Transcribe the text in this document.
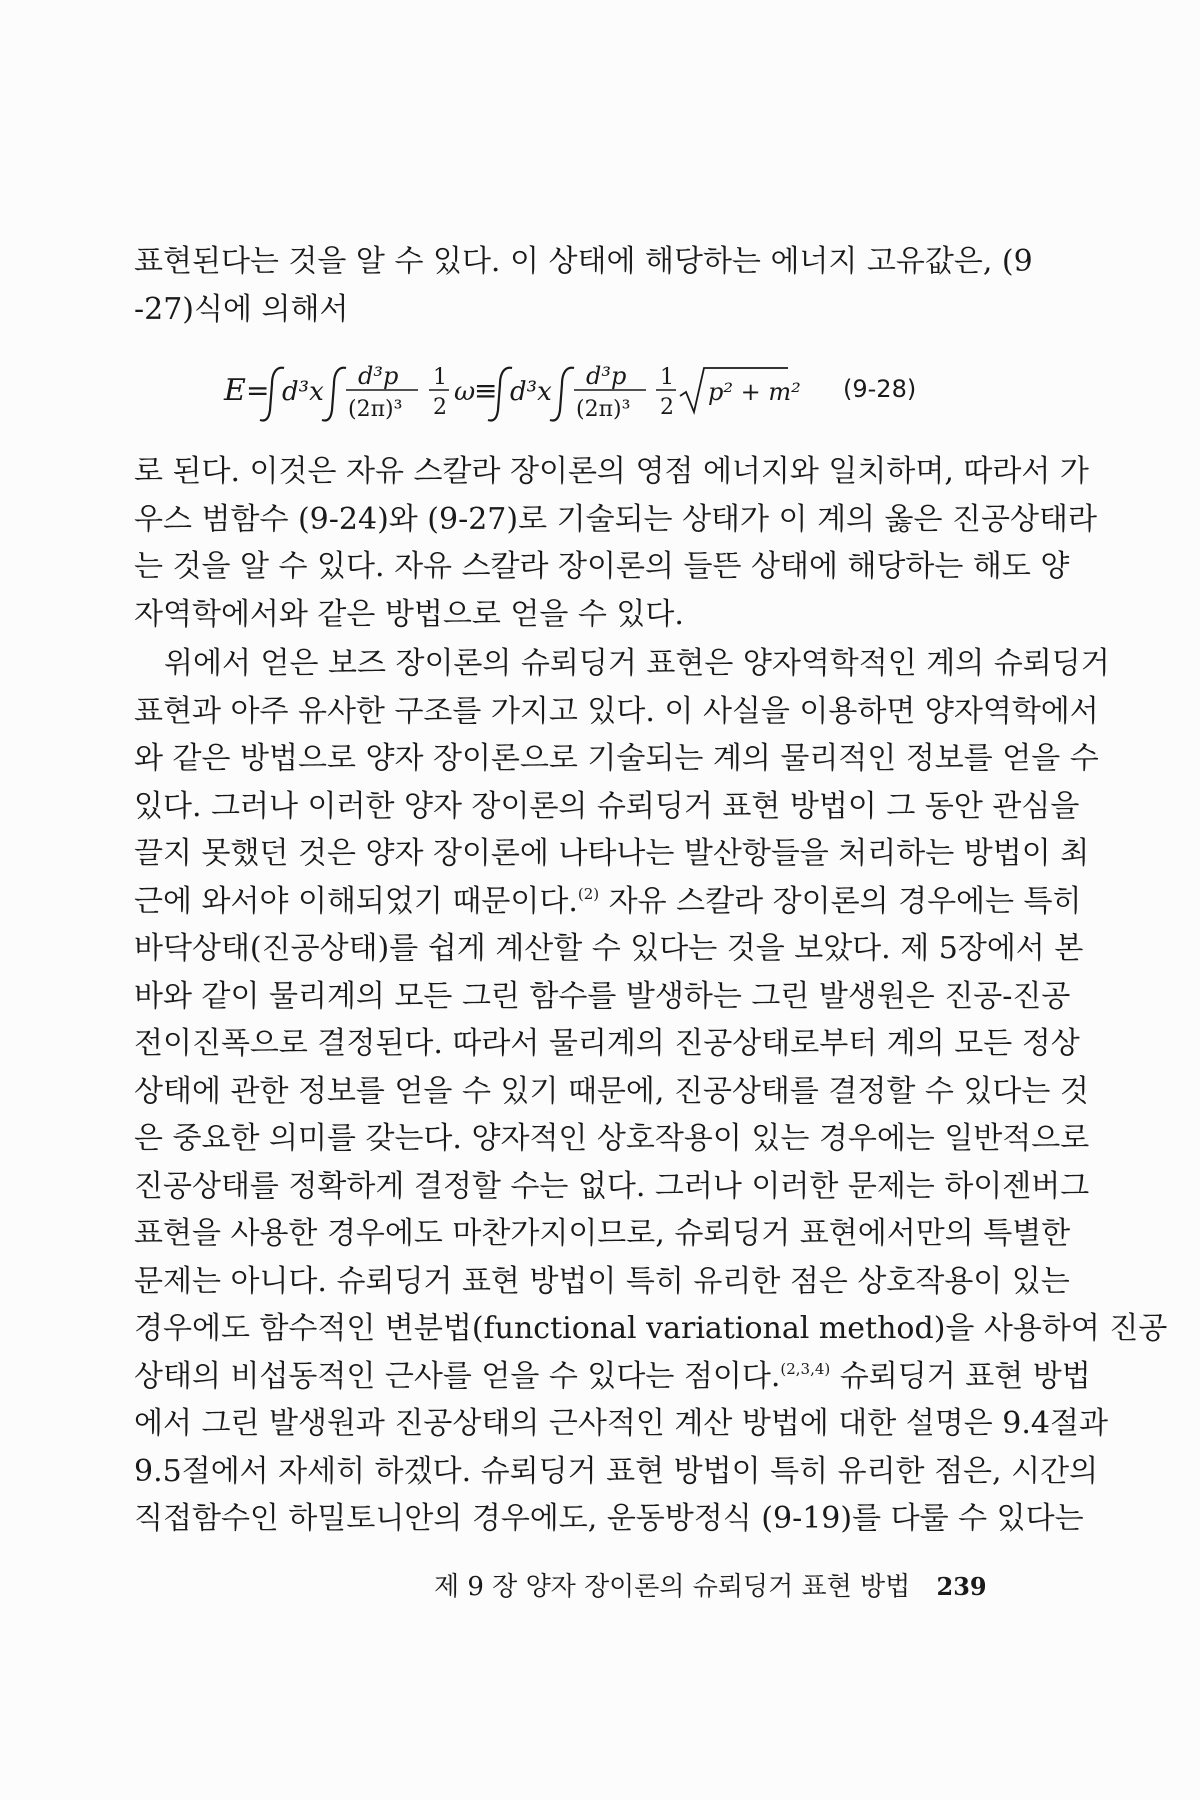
표현된다는 것을 알 수 있다. 이 상태에 해당하는 에너지 고유값은, (9
-27)식에 의해서
E = d³x
d³p
(2π)³
1
2
ω
≡ d³x
d³p
(2π)³
1
2
p² + m² (9-28)
로 된다. 이것은 자유 스칼라 장이론의 영점 에너지와 일치하며, 따라서 가
우스 범함수 (9-24)와 (9-27)로 기술되는 상태가 이 계의 옳은 진공상태라
는 것을 알 수 있다. 자유 스칼라 장이론의 들뜬 상태에 해당하는 해도 양
자역학에서와 같은 방법으로 얻을 수 있다.
위에서 얻은 보즈 장이론의 슈뢰딩거 표현은 양자역학적인 계의 슈뢰딩거
표현과 아주 유사한 구조를 가지고 있다. 이 사실을 이용하면 양자역학에서
와 같은 방법으로 양자 장이론으로 기술되는 계의 물리적인 정보를 얻을 수
있다. 그러나 이러한 양자 장이론의 슈뢰딩거 표현 방법이 그 동안 관심을
끌지 못했던 것은 양자 장이론에 나타나는 발산항들을 처리하는 방법이 최
근에 와서야 이해되었기 때문이다.$^{(2)}$ 자유 스칼라 장이론의 경우에는 특히
바닥상태(진공상태)를 쉽게 계산할 수 있다는 것을 보았다. 제 5장에서 본
바와 같이 물리계의 모든 그린 함수를 발생하는 그린 발생원은 진공-진공
전이진폭으로 결정된다. 따라서 물리계의 진공상태로부터 계의 모든 정상
상태에 관한 정보를 얻을 수 있기 때문에, 진공상태를 결정할 수 있다는 것
은 중요한 의미를 갖는다. 양자적인 상호작용이 있는 경우에는 일반적으로
진공상태를 정확하게 결정할 수는 없다. 그러나 이러한 문제는 하이젠버그
표현을 사용한 경우에도 마찬가지이므로, 슈뢰딩거 표현에서만의 특별한
문제는 아니다. 슈뢰딩거 표현 방법이 특히 유리한 점은 상호작용이 있는
경우에도 함수적인 변분법(functional variational method)을 사용하여 진공
상태의 비섭동적인 근사를 얻을 수 있다는 점이다.$^{(2,3,4)}$ 슈뢰딩거 표현 방법
에서 그린 발생원과 진공상태의 근사적인 계산 방법에 대한 설명은 9.4절과
9.5절에서 자세히 하겠다. 슈뢰딩거 표현 방법이 특히 유리한 점은, 시간의
직접함수인 하밀토니안의 경우에도, 운동방정식 (9-19)를 다룰 수 있다는
제 9 장 양자 장이론의 슈뢰딩거 표현 방법 239
